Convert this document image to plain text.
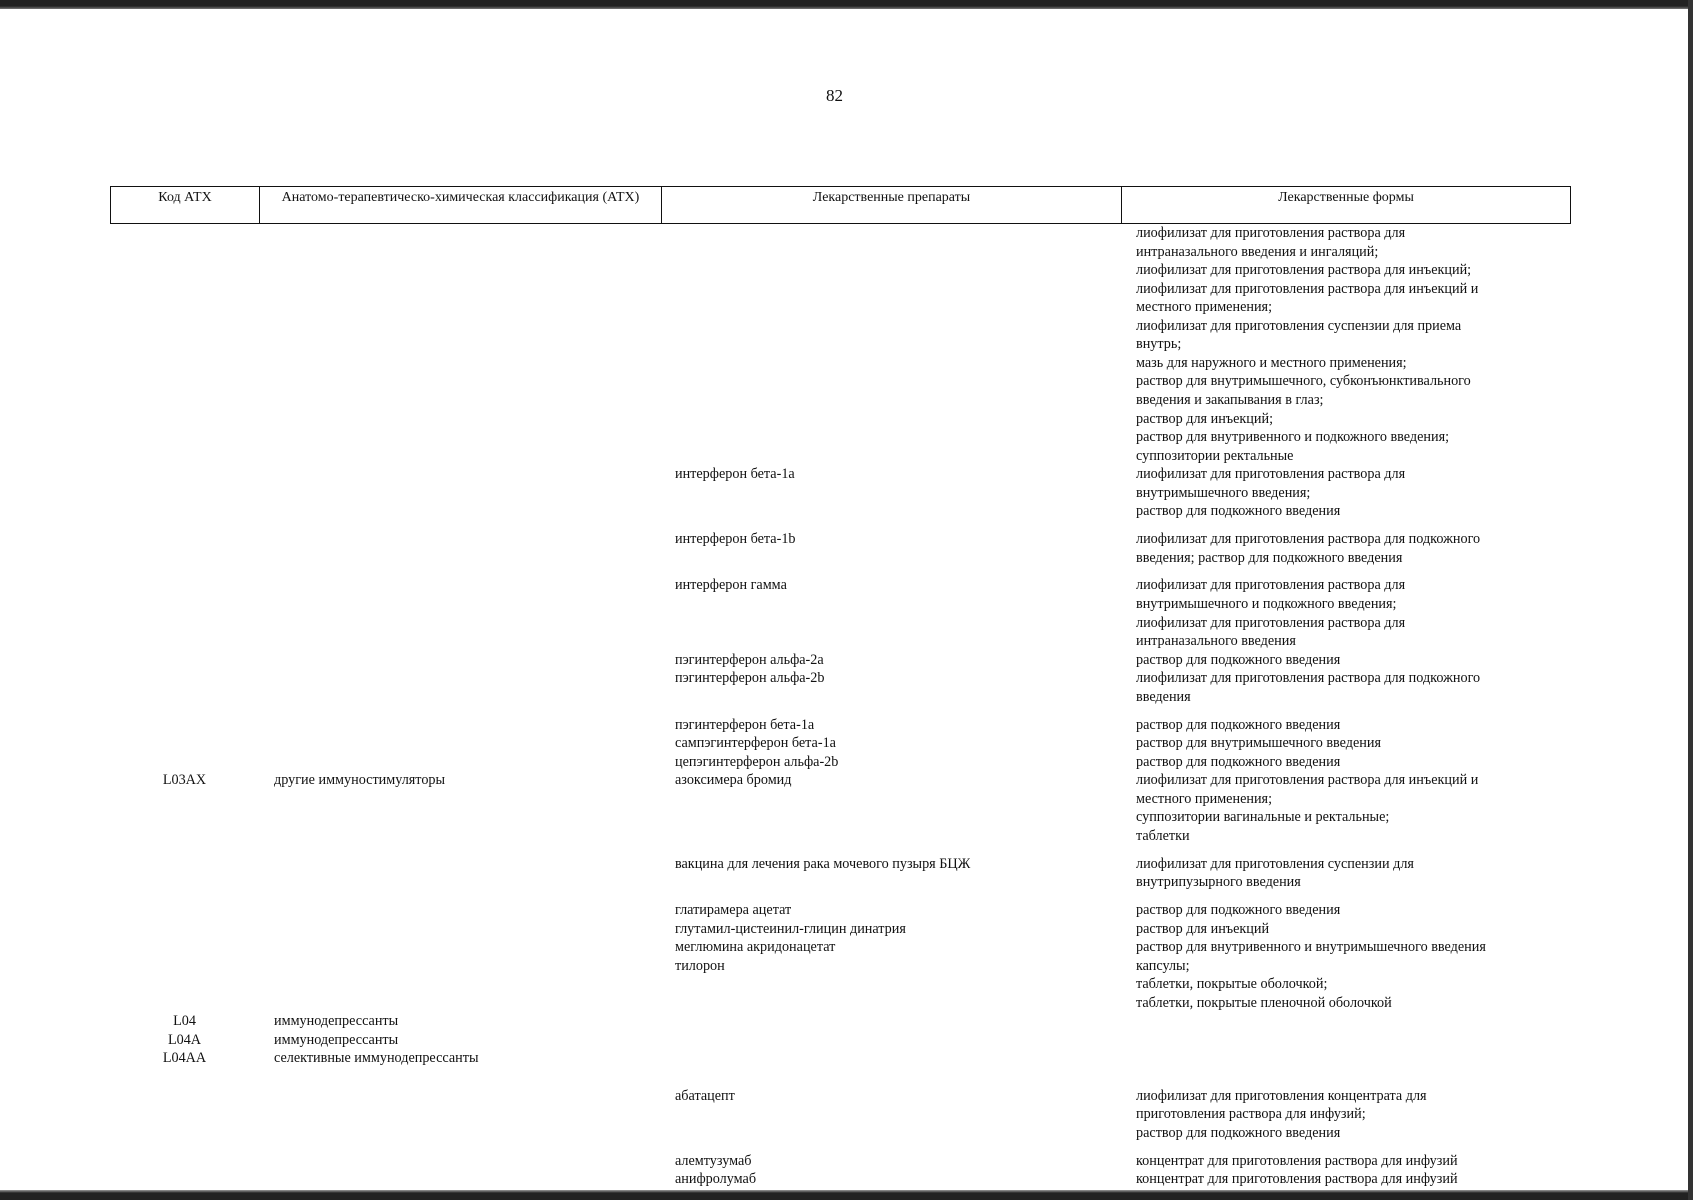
82
Код АТХ	Анатомо-терапевтическо-химическая классификация (АТХ)	Лекарственные препараты	Лекарственные формы
лиофилизат для приготовления раствора для
интраназального введения и ингаляций;
лиофилизат для приготовления раствора для инъекций;
лиофилизат для приготовления раствора для инъекций и
местного применения;
лиофилизат для приготовления суспензии для приема
внутрь;
мазь для наружного и местного применения;
раствор для внутримышечного, субконъюнктивального
введения и закапывания в глаз;
раствор для инъекций;
раствор для внутривенного и подкожного введения;
суппозитории ректальные
интерферон бета-1a	лиофилизат для приготовления раствора для
внутримышечного введения;
раствор для подкожного введения
интерферон бета-1b	лиофилизат для приготовления раствора для подкожного
введения; раствор для подкожного введения
интерферон гамма	лиофилизат для приготовления раствора для
внутримышечного и подкожного введения;
лиофилизат для приготовления раствора для
интраназального введения
пэгинтерферон альфа-2a	раствор для подкожного введения
пэгинтерферон альфа-2b	лиофилизат для приготовления раствора для подкожного
введения
пэгинтерферон бета-1a	раствор для подкожного введения
сампэгинтерферон бета-1a	раствор для внутримышечного введения
цепэгинтерферон альфа-2b	раствор для подкожного введения
L03AX	другие иммуностимуляторы	азоксимера бромид	лиофилизат для приготовления раствора для инъекций и
местного применения;
суппозитории вагинальные и ректальные;
таблетки
вакцина для лечения рака мочевого пузыря БЦЖ	лиофилизат для приготовления суспензии для
внутрипузырного введения
глатирамера ацетат	раствор для подкожного введения
глутамил-цистеинил-глицин динатрия	раствор для инъекций
меглюмина акридонацетат	раствор для внутривенного и внутримышечного введения
тилорон	капсулы;
таблетки, покрытые оболочкой;
таблетки, покрытые пленочной оболочкой
L04	иммунодепрессанты
L04A	иммунодепрессанты
L04AA	селективные иммунодепрессанты
абатацепт	лиофилизат для приготовления концентрата для
приготовления раствора для инфузий;
раствор для подкожного введения
алемтузумаб	концентрат для приготовления раствора для инфузий
анифролумаб	концентрат для приготовления раствора для инфузий
